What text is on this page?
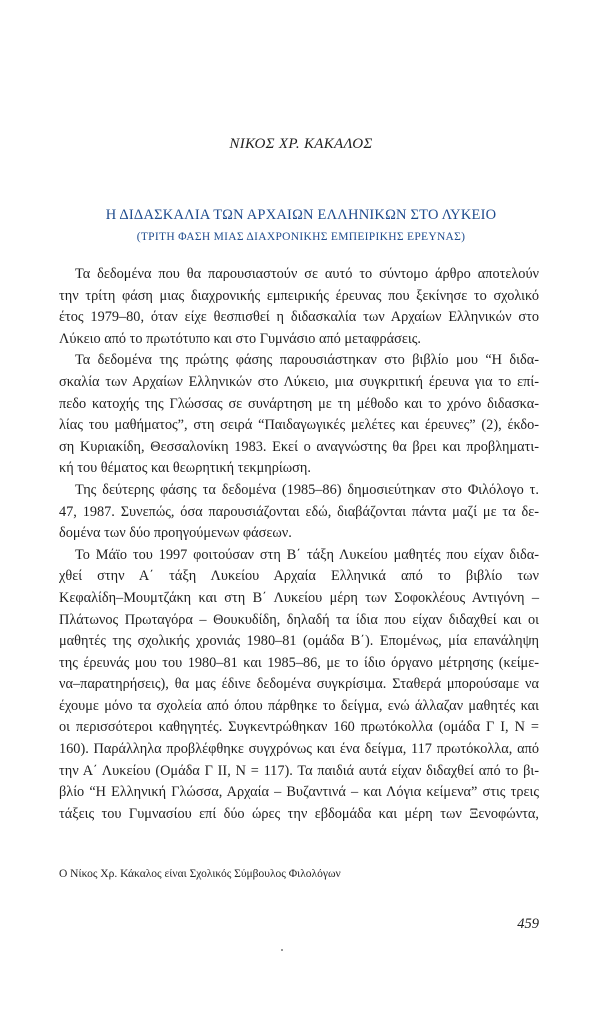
ΝΙΚΟΣ ΧΡ. ΚΑΚΑΛΟΣ
Η ΔΙΔΑΣΚΑΛΙΑ ΤΩΝ ΑΡΧΑΙΩΝ ΕΛΛΗΝΙΚΩΝ ΣΤΟ ΛΥΚΕΙΟ
(ΤΡΙΤΗ ΦΑΣΗ ΜΙΑΣ ΔΙΑΧΡΟΝΙΚΗΣ ΕΜΠΕΙΡΙΚΗΣ ΕΡΕΥΝΑΣ)

Τα δεδομένα που θα παρουσιαστούν σε αυτό το σύντομο άρθρο αποτελούν
την τρίτη φάση μιας διαχρονικής εμπειρικής έρευνας που ξεκίνησε το σχολικό
έτος 1979–80, όταν είχε θεσπισθεί η διδασκαλία των Αρχαίων Ελληνικών στο
Λύκειο από το πρωτότυπο και στο Γυμνάσιο από μεταφράσεις.

Τα δεδομένα της πρώτης φάσης παρουσιάστηκαν στο βιβλίο μου “Η διδα-
σκαλία των Αρχαίων Ελληνικών στο Λύκειο, μια συγκριτική έρευνα για το επί-
πεδο κατοχής της Γλώσσας σε συνάρτηση με τη μέθοδο και το χρόνο διδασκα-
λίας του μαθήματος”, στη σειρά “Παιδαγωγικές μελέτες και έρευνες” (2), έκδο-
ση Κυριακίδη, Θεσσαλονίκη 1983. Εκεί ο αναγνώστης θα βρει και προβληματι-
κή του θέματος και θεωρητική τεκμηρίωση.

Της δεύτερης φάσης τα δεδομένα (1985–86) δημοσιεύτηκαν στο Φιλόλογο τ.
47, 1987. Συνεπώς, όσα παρουσιάζονται εδώ, διαβάζονται πάντα μαζί με τα δε-
δομένα των δύο προηγούμενων φάσεων.

Το Μάϊο του 1997 φοιτούσαν στη Β΄ τάξη Λυκείου μαθητές που είχαν διδα-
χθεί στην Α΄ τάξη Λυκείου Αρχαία Ελληνικά από το βιβλίο των
Κεφαλίδη–Μουμτζάκη και στη Β΄ Λυκείου μέρη των Σοφοκλέους Αντιγόνη –
Πλάτωνος Πρωταγόρα – Θουκυδίδη, δηλαδή τα ίδια που είχαν διδαχθεί και οι
μαθητές της σχολικής χρονιάς 1980–81 (ομάδα Β΄). Επομένως, μία επανάληψη
της έρευνάς μου του 1980–81 και 1985–86, με το ίδιο όργανο μέτρησης (κείμε-
να–παρατηρήσεις), θα μας έδινε δεδομένα συγκρίσιμα. Σταθερά μπορούσαμε να
έχουμε μόνο τα σχολεία από όπου πάρθηκε το δείγμα, ενώ άλλαζαν μαθητές και
οι περισσότεροι καθηγητές. Συγκεντρώθηκαν 160 πρωτόκολλα (ομάδα Γ Ι, Ν =
160). Παράλληλα προβλέφθηκε συγχρόνως και ένα δείγμα, 117 πρωτόκολλα, από
την Α΄ Λυκείου (Ομάδα Γ ΙΙ, Ν = 117). Τα παιδιά αυτά είχαν διδαχθεί από το βι-
βλίο “Η Ελληνική Γλώσσα, Αρχαία – Βυζαντινά – και Λόγια κείμενα” στις τρεις
τάξεις του Γυμνασίου επί δύο ώρες την εβδομάδα και μέρη των Ξενοφώντα,

Ο Νίκος Χρ. Κάκαλος είναι Σχολικός Σύμβουλος Φιλολόγων
459
